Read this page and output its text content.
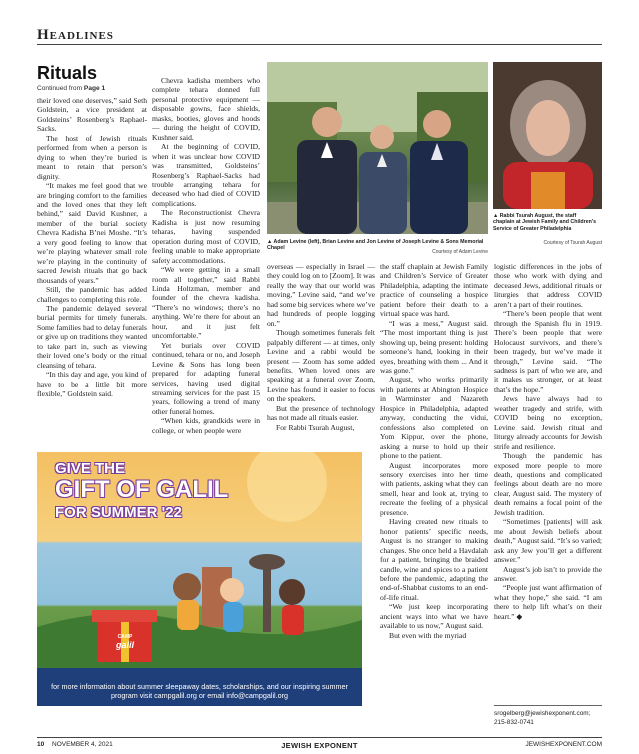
Headlines
Rituals
Continued from Page 1

their loved one deserves,” said Seth Goldstein, a vice president at Goldsteins’ Rosenberg’s Raphael-Sacks.

The host of Jewish rituals performed from when a person is dying to when they’re buried is meant to retain that person’s dignity.

“It makes me feel good that we are bringing comfort to the families and the loved ones that they left behind,” said David Kushner, a member of the burial society Chevra Kadisha B’nei Moshe. “It’s a very good feeling to know that we’re playing whatever small role we’re playing in the continuity of sacred Jewish rituals that go back thousands of years.”

Still, the pandemic has added challenges to completing this role.

The pandemic delayed several burial permits for timely funerals. Some families had to delay funerals or give up on traditions they wanted to take part in, such as viewing their loved one’s body or the ritual cleansing of tehara.

“In this day and age, you kind of have to be a little bit more flexible,” Goldstein said.

Chevra kadisha members who complete tehara donned full personal protective equipment — disposable gowns, face shields, masks, booties, gloves and hoods — during the height of COVID, Kushner said.

At the beginning of COVID, when it was unclear how COVID was transmitted, Goldsteins’ Rosenberg’s Raphael-Sacks had trouble arranging tehara for deceased who had died of COVID complications.

The Reconstructionist Chevra Kadisha is just now resuming teharas, having suspended operation during most of COVID, feeling unable to make appropriate safety accommodations.

“We were getting in a small room all together,” said Rabbi Linda Holtzman, member and founder of the chevra kadisha. “There’s no windows; there’s no anything. We’re there for about an hour, and it just felt uncomfortable.”

Yet burials over COVID continued, tehara or no, and Joseph Levine & Sons has long been prepared for adapting funeral services, having used digital streaming services for the past 15 years, following a trend of many other funeral homes.

“When kids, grandkids were in college, or when people were

▲ Adam Levine (left), Brian Levine and Jon Levine of Joseph Levine & Sons Memorial Chapel
Courtesy of Adam Levine
▲ Rabbi Tsurah August, the staff chaplain at Jewish Family and Children’s Service of Greater Philadelphia
Courtesy of Tsurah August

overseas — especially in Israel — they could log on to [Zoom]. It was really the way that our world was moving,” Levine said, “and we’ve had some big services where we’ve had hundreds of people logging on.”

Though sometimes funerals felt palpably different — at times, only Levine and a rabbi would be present — Zoom has some added benefits. When loved ones are speaking at a funeral over Zoom, Levine has found it easier to focus on the speakers.

But the presence of technology has not made all rituals easier.

For Rabbi Tsurah August,

the staff chaplain at Jewish Family and Children’s Service of Greater Philadelphia, adapting the intimate practice of counseling a hospice patient before their death to a virtual space was hard.

“I was a mess,” August said. “The most important thing is just showing up, being present: holding someone’s hand, looking in their eyes, breathing with them ... And it was gone.”

August, who works primarily with patients at Abington Hospice in Warminster and Nazareth Hospice in Philadelphia, adapted anyway, conducting the vidui, confessions also completed on Yom Kippur, over the phone, asking a nurse to hold up their phone to the patient.

August incorporates more sensory exercises into her time with patients, asking what they can smell, hear and look at, trying to recreate the feeling of a physical presence.

Having created new rituals to honor patients’ specific needs, August is no stranger to making changes. She once held a Havdalah for a patient, bringing the braided candle, wine and spices to a patient before the pandemic, adapting the end-of-Shabbat customs to an end-of-life ritual.

“We just keep incorporating ancient ways into what we have available to us now,” August said.

But even with the myriad

logistic differences in the jobs of those who work with dying and deceased Jews, additional rituals or liturgies that address COVID aren’t a part of their routines.

“There’s been people that went through the Spanish flu in 1919. There’s been people that were Holocaust survivors, and there’s been tragedy, but we’ve made it through,” Levine said. “The sadness is part of who we are, and it makes us stronger, or at least that’s the hope.”

Jews have always had to weather tragedy and strife, with COVID being no exception, Levine said. Jewish ritual and liturgy already accounts for Jewish strife and resilience.

Though the pandemic has exposed more people to more death, questions and complicated feelings about death are no more clear, August said. The mystery of death remains a focal point of the Jewish tradition.

“Sometimes [patients] will ask me about Jewish beliefs about death,” August said. “It’s so varied; ask any Jew you’ll get a different answer.”

August’s job isn’t to provide the answer.

“People just want affirmation of what they hope,” she said. “I am there to help lift what’s on their heart.” ◆

srogelberg@jewishexponent.com;
215-832-0741
GIVE THE
GIFT OF GALIL
FOR SUMMER '22
CAMP
galil
for more information about summer sleepaway dates, scholarships, and our inspiring summer program visit campgalil.org or email info@campgalil.org
10 NOVEMBER 4, 2021	JEWISH EXPONENT	JEWISHEXPONENT.COM
